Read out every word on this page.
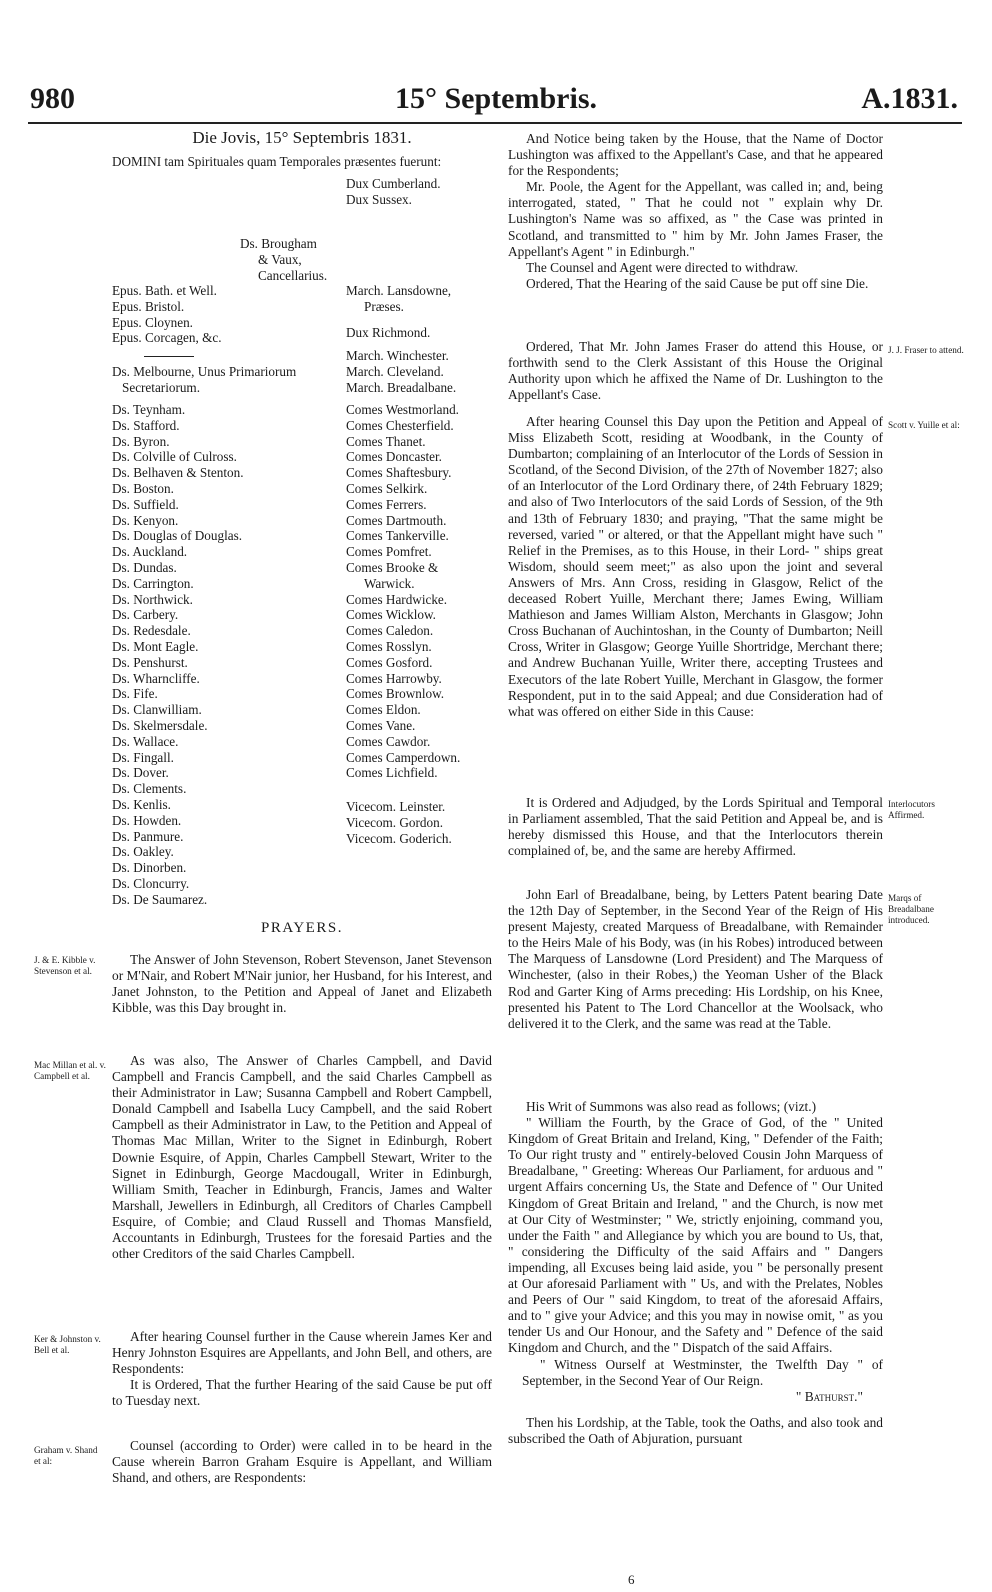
980	15° Septembris.	A.1831.
Die Jovis, 15° Septembris 1831.
DOMINI tam Spirituales quam Temporales præsentes fuerunt:
Dux Cumberland.
Dux Sussex.
Ds. Brougham
& Vaux,
Cancellarius.
Epus. Bath. et Well.
Epus. Bristol.
Epus. Cloynen.
Epus. Corcagen, &c.
March. Lansdowne,
Præses.
Dux Richmond.
Ds. Melbourne, Unus Primariorum
Secretariorum.
March. Winchester.
March. Cleveland.
March. Breadalbane.
Ds. Teynham.
Ds. Stafford.
Ds. Byron.
Ds. Colville of Culross.
Ds. Belhaven & Stenton.
Ds. Boston.
Ds. Suffield.
Ds. Kenyon.
Ds. Douglas of Douglas.
Ds. Auckland.
Ds. Dundas.
Ds. Carrington.
Ds. Northwick.
Ds. Carbery.
Ds. Redesdale.
Ds. Mont Eagle.
Ds. Penshurst.
Ds. Wharncliffe.
Ds. Fife.
Ds. Clanwilliam.
Ds. Skelmersdale.
Ds. Wallace.
Ds. Fingall.
Ds. Dover.
Ds. Clements.
Ds. Kenlis.
Ds. Howden.
Ds. Panmure.
Ds. Oakley.
Ds. Dinorben.
Ds. Cloncurry.
Ds. De Saumarez.
Comes Westmorland.
Comes Chesterfield.
Comes Thanet.
Comes Doncaster.
Comes Shaftesbury.
Comes Selkirk.
Comes Ferrers.
Comes Dartmouth.
Comes Tankerville.
Comes Pomfret.
Comes Brooke &
Warwick.
Comes Hardwicke.
Comes Wicklow.
Comes Caledon.
Comes Rosslyn.
Comes Gosford.
Comes Harrowby.
Comes Brownlow.
Comes Eldon.
Comes Vane.
Comes Cawdor.
Comes Camperdown.
Comes Lichfield.
Vicecom. Leinster.
Vicecom. Gordon.
Vicecom. Goderich.
PRAYERS.
J. & E. Kibble v. Stevenson et al.

The Answer of John Stevenson, Robert Stevenson, Janet Stevenson or M'Nair, and Robert M'Nair junior, her Husband, for his Interest, and Janet Johnston, to the Petition and Appeal of Janet and Elizabeth Kibble, was this Day brought in.

Mac Millan et al. v. Campbell et al.

As was also, The Answer of Charles Campbell, and David Campbell and Francis Campbell, and the said Charles Campbell as their Administrator in Law; Susanna Campbell and Robert Campbell, Donald Campbell and Isabella Lucy Campbell, and the said Robert Campbell as their Administrator in Law, to the Petition and Appeal of Thomas Mac Millan, Writer to the Signet in Edinburgh, Robert Downie Esquire, of Appin, Charles Campbell Stewart, Writer to the Signet in Edinburgh, George Macdougall, Writer in Edinburgh, William Smith, Teacher in Edinburgh, Francis, James and Walter Marshall, Jewellers in Edinburgh, all Creditors of Charles Campbell Esquire, of Combie; and Claud Russell and Thomas Mansfield, Accountants in Edinburgh, Trustees for the foresaid Parties and the other Creditors of the said Charles Campbell.

Ker & Johnston v. Bell et al.

After hearing Counsel further in the Cause wherein James Ker and Henry Johnston Esquires are Appellants, and John Bell, and others, are Respondents:

It is Ordered, That the further Hearing of the said Cause be put off to Tuesday next.

Graham v. Shand et al:

Counsel (according to Order) were called in to be heard in the Cause wherein Barron Graham Esquire is Appellant, and William Shand, and others, are Respondents:

And Notice being taken by the House, that the Name of Doctor Lushington was affixed to the Appellant's Case, and that he appeared for the Respondents;

Mr. Poole, the Agent for the Appellant, was called in; and, being interrogated, stated, " That he could not " explain why Dr. Lushington's Name was so affixed, as " the Case was printed in Scotland, and transmitted to " him by Mr. John James Fraser, the Appellant's Agent " in Edinburgh."

The Counsel and Agent were directed to withdraw.

Ordered, That the Hearing of the said Cause be put off sine Die.

J. J. Fraser to attend.

Ordered, That Mr. John James Fraser do attend this House, or forthwith send to the Clerk Assistant of this House the Original Authority upon which he affixed the Name of Dr. Lushington to the Appellant's Case.

Scott v. Yuille et al:

After hearing Counsel this Day upon the Petition and Appeal of Miss Elizabeth Scott, residing at Woodbank, in the County of Dumbarton; complaining of an Interlocutor of the Lords of Session in Scotland, of the Second Division, of the 27th of November 1827; also of an Interlocutor of the Lord Ordinary there, of 24th February 1829; and also of Two Interlocutors of the said Lords of Session, of the 9th and 13th of February 1830; and praying, "That the same might be reversed, varied " or altered, or that the Appellant might have such " Relief in the Premises, as to this House, in their Lord- " ships great Wisdom, should seem meet;" as also upon the joint and several Answers of Mrs. Ann Cross, residing in Glasgow, Relict of the deceased Robert Yuille, Merchant there; James Ewing, William Mathieson and James William Alston, Merchants in Glasgow; John Cross Buchanan of Auchintoshan, in the County of Dumbarton; Neill Cross, Writer in Glasgow; George Yuille Shortridge, Merchant there; and Andrew Buchanan Yuille, Writer there, accepting Trustees and Executors of the late Robert Yuille, Merchant in Glasgow, the former Respondent, put in to the said Appeal; and due Consideration had of what was offered on either Side in this Cause:

Interlocutors Affirmed.

It is Ordered and Adjudged, by the Lords Spiritual and Temporal in Parliament assembled, That the said Petition and Appeal be, and is hereby dismissed this House, and that the Interlocutors therein complained of, be, and the same are hereby Affirmed.

Marqs of Breadalbane introduced.

John Earl of Breadalbane, being, by Letters Patent bearing Date the 12th Day of September, in the Second Year of the Reign of His present Majesty, created Marquess of Breadalbane, with Remainder to the Heirs Male of his Body, was (in his Robes) introduced between The Marquess of Lansdowne (Lord President) and The Marquess of Winchester, (also in their Robes,) the Yeoman Usher of the Black Rod and Garter King of Arms preceding: His Lordship, on his Knee, presented his Patent to The Lord Chancellor at the Woolsack, who delivered it to the Clerk, and the same was read at the Table.

His Writ of Summons was also read as follows; (vizt.)

" William the Fourth, by the Grace of God, of the " United Kingdom of Great Britain and Ireland, King, " Defender of the Faith; To Our right trusty and " entirely-beloved Cousin John Marquess of Breadalbane, " Greeting: Whereas Our Parliament, for arduous and " urgent Affairs concerning Us, the State and Defence of " Our United Kingdom of Great Britain and Ireland, " and the Church, is now met at Our City of Westminster; " We, strictly enjoining, command you, under the Faith " and Allegiance by which you are bound to Us, that, " considering the Difficulty of the said Affairs and " Dangers impending, all Excuses being laid aside, you " be personally present at Our aforesaid Parliament with " Us, and with the Prelates, Nobles and Peers of Our " said Kingdom, to treat of the aforesaid Affairs, and to " give your Advice; and this you may in nowise omit, " as you tender Us and Our Honour, and the Safety and " Defence of the said Kingdom and Church, and the " Dispatch of the said Affairs.

" Witness Ourself at Westminster, the Twelfth Day " of September, in the Second Year of Our Reign.

" Bathurst."

Then his Lordship, at the Table, took the Oaths, and also took and subscribed the Oath of Abjuration, pursuant

6
